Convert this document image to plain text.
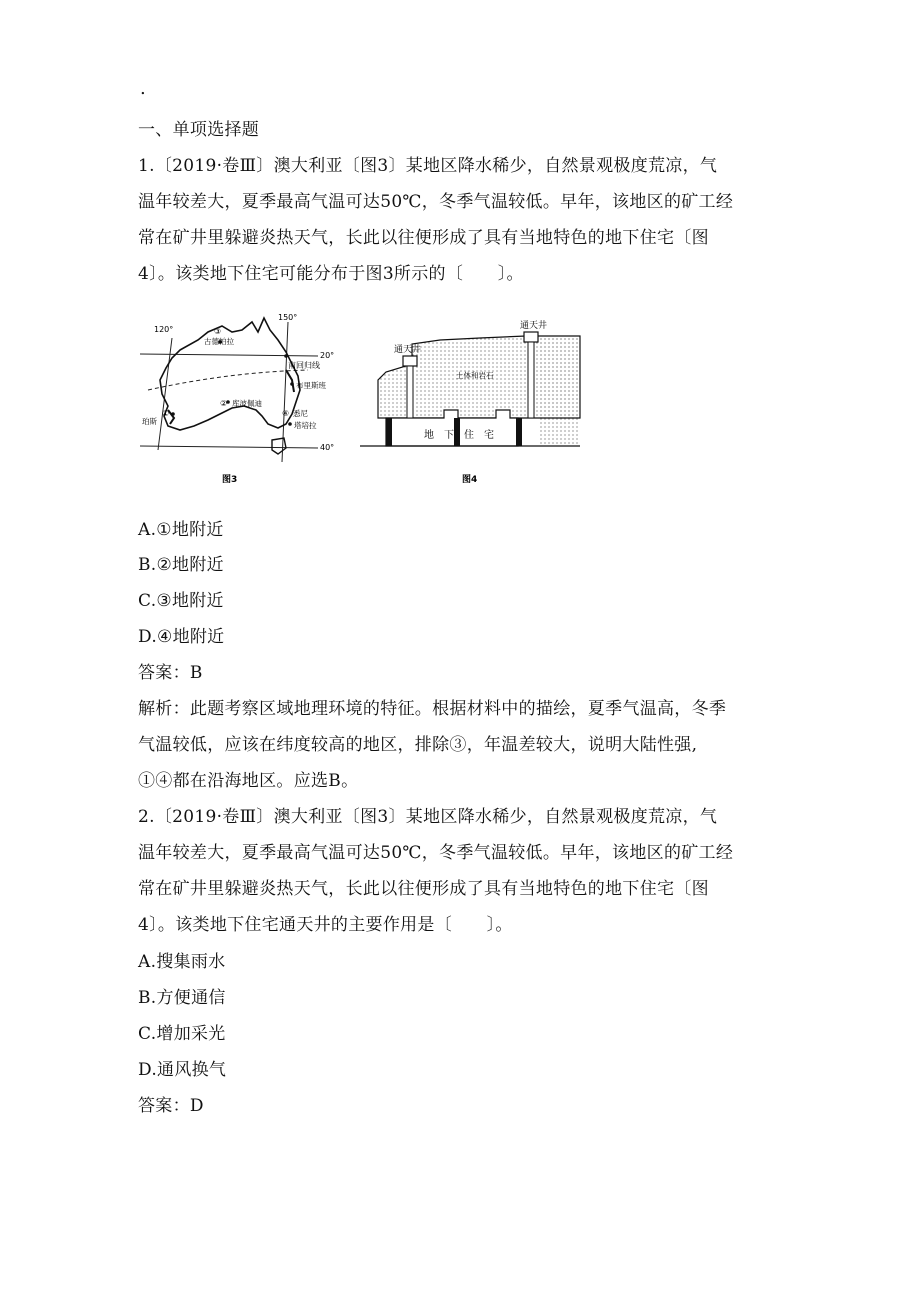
.
一、单项选择题
1.〔2019·卷Ⅲ〕澳大利亚〔图3〕某地区降水稀少，自然景观极度荒凉，气
温年较差大，夏季最高气温可达50℃，冬季气温较低。早年，该地区的矿工经
常在矿井里躲避炎热天气，长此以往便形成了具有当地特色的地下住宅〔图
4〕。该类地下住宅可能分布于图3所示的〔　　〕。
120°
150°
20°
40°
南回归线
③
古德帕拉
布里斯班
② 库波佩迪
④ 悉尼
塔培拉
①
珀斯
图3
通天井
通天井
土体和岩石
地　下　住　宅
图4
A.①地附近
B.②地附近
C.③地附近
D.④地附近
答案：B
解析：此题考察区域地理环境的特征。根据材料中的描绘，夏季气温高，冬季
气温较低，应该在纬度较高的地区，排除③，年温差较大，说明大陆性强,
①④都在沿海地区。应选B。
2.〔2019·卷Ⅲ〕澳大利亚〔图3〕某地区降水稀少，自然景观极度荒凉，气
温年较差大，夏季最高气温可达50℃，冬季气温较低。早年，该地区的矿工经
常在矿井里躲避炎热天气，长此以往便形成了具有当地特色的地下住宅〔图
4〕。该类地下住宅通天井的主要作用是〔　　〕。
A.搜集雨水
B.方便通信
C.增加采光
D.通风换气
答案：D
